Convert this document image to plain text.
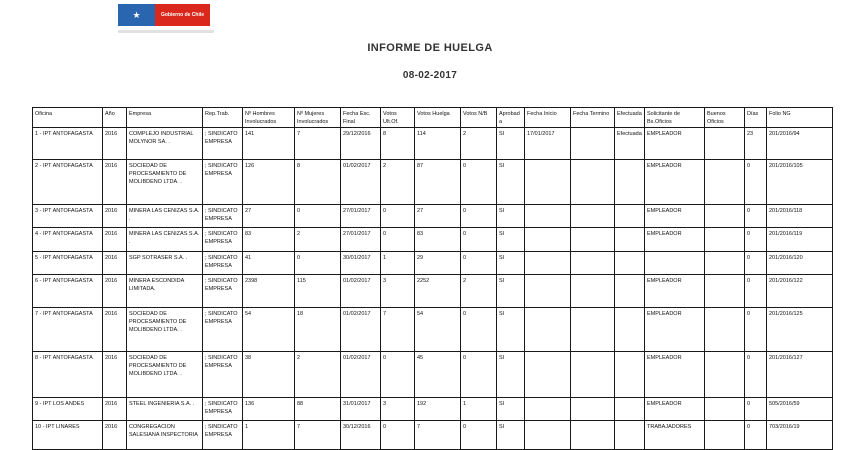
★	Gobierno de Chile
INFORME DE HUELGA
08-02-2017
Oficina	Año	Empresa	Rep.Trab.	Nº Hombres Involucrados	Nº Mujeres Involucrados	Fecha Esc. Final	Votos Ult.Of.	Votos Huelga	Votos N/B	Aprobada	Fecha Inicio	Fecha Termino	Efectuada	Solicitante de Bs.Oficios	Buenos Oficios	Días	Folio NG
1 - IPT ANTOFAGASTA	2016	COMPLEJO INDUSTRIAL MOLYNOR SA. .	; SINDICATO EMPRESA	141	7	29/12/2016	8	114	2	SI	17/01/2017		Efectuada	EMPLEADOR		23	201/2016/94
2 - IPT ANTOFAGASTA	2016	SOCIEDAD DE PROCESAMIENTO DE MOLIBDENO LTDA. .	; SINDICATO EMPRESA	126	8	01/02/2017	2	87	0	SI				EMPLEADOR		0	201/2016/105
3 - IPT ANTOFAGASTA	2016	MINERA LAS CENIZAS S.A. .	; SINDICATO EMPRESA	27	0	27/01/2017	0	27	0	SI				EMPLEADOR		0	201/2016/118
4 - IPT ANTOFAGASTA	2016	MINERA LAS CENIZAS S.A. .	; SINDICATO EMPRESA	83	2	27/01/2017	0	83	0	SI				EMPLEADOR		0	201/2016/119
5 - IPT ANTOFAGASTA	2016	SGP SOTRASER S.A. .	; SINDICATO EMPRESA	41	0	30/01/2017	1	29	0	SI						0	201/2016/120
6 - IPT ANTOFAGASTA	2016	MINERA ESCONDIDA LIMITADA.	; SINDICATO EMPRESA	2398	115	01/02/2017	3	2252	2	SI				EMPLEADOR		0	201/2016/122
7 - IPT ANTOFAGASTA	2016	SOCIEDAD DE PROCESAMIENTO DE MOLIBDENO LTDA. .	; SINDICATO EMPRESA	54	18	01/02/2017	7	54	0	SI				EMPLEADOR		0	201/2016/125
8 - IPT ANTOFAGASTA	2016	SOCIEDAD DE PROCESAMIENTO DE MOLIBDENO LTDA. .	; SINDICATO EMPRESA	38	2	01/02/2017	0	45	0	SI				EMPLEADOR		0	201/2016/127
9 - IPT LOS ANDES	2016	STEEL INGENIERIA S.A. .	; SINDICATO EMPRESA	136	88	31/01/2017	3	192	1	SI				EMPLEADOR		0	505/2016/59
10 - IPT LINARES	2016	CONGREGACION SALESIANA INSPECTORIA	; SINDICATO EMPRESA	1	7	30/12/2016	0	7	0	SI				TRABAJADORES		0	703/2016/19
